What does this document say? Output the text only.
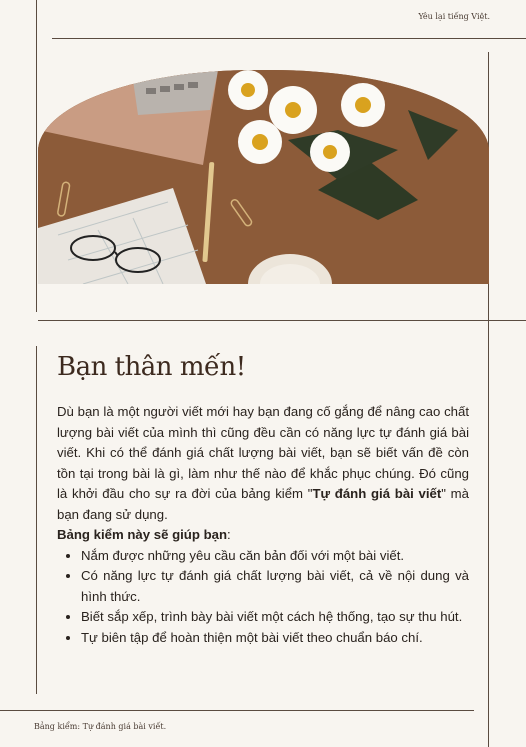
Yêu lại tiếng Việt.
Bạn thân mến!

Dù bạn là một người viết mới hay bạn đang cố gắng để nâng cao chất lượng bài viết của mình thì cũng đều cần có năng lực tự đánh giá bài viết. Khi có thể đánh giá chất lượng bài viết, bạn sẽ biết vấn đề còn tồn tại trong bài là gì, làm như thế nào để khắc phục chúng. Đó cũng là khởi đầu cho sự ra đời của bảng kiểm "Tự đánh giá bài viết" mà bạn đang sử dụng.

Bảng kiểm này sẽ giúp bạn:

• Nắm được những yêu cầu căn bản đối với một bài viết.
• Có năng lực tự đánh giá chất lượng bài viết, cả về nội dung và hình thức.
• Biết sắp xếp, trình bày bài viết một cách hệ thống, tạo sự thu hút.
• Tự biên tập để hoàn thiện một bài viết theo chuẩn báo chí.
Bảng kiểm: Tự đánh giá bài viết.
